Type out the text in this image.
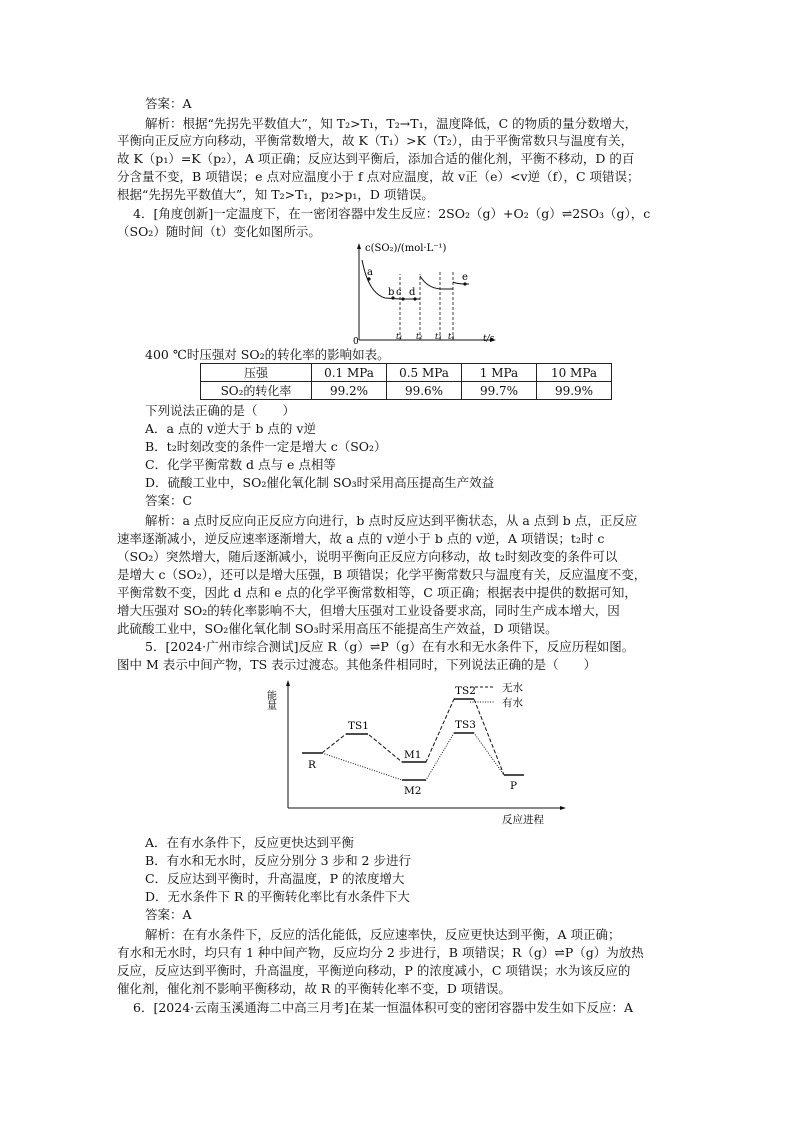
答案：A
解析：根据“先拐先平数值大”，知 T₂>T₁，T₂→T₁，温度降低，C 的物质的量分数增大，
平衡向正反应方向移动，平衡常数增大，故 K（T₁）>K（T₂），由于平衡常数只与温度有关，
故 K（p₁）=K（p₂），A 项正确；反应达到平衡后，添加合适的催化剂，平衡不移动，D 的百
分含量不变，B 项错误；e 点对应温度小于 f 点对应温度，故 v正（e）<v逆（f），C 项错误；
根据“先拐先平数值大”，知 T₂>T₁，p₂>p₁，D 项错误。
4．[角度创新]一定温度下，在一密闭容器中发生反应：2SO₂（g）+O₂（g）⇌2SO₃（g），c
（SO₂）随时间（t）变化如图所示。
c(SO₂)/(mol·L⁻¹)
0	t/s
a
b c d
e
t₁ t₂ t₃ t₄
400 ℃时压强对 SO₂的转化率的影响如表。
压强	0.1 MPa	0.5 MPa	1 MPa	10 MPa
SO₂的转化率	99.2%	99.6%	99.7%	99.9%
下列说法正确的是（　　）
A．a 点的 v逆大于 b 点的 v逆
B．t₂时刻改变的条件一定是增大 c（SO₂）
C．化学平衡常数 d 点与 e 点相等
D．硫酸工业中，SO₂催化氧化制 SO₃时采用高压提高生产效益
答案：C
解析：a 点时反应向正反应方向进行，b 点时反应达到平衡状态，从 a 点到 b 点，正反应
速率逐渐减小，逆反应速率逐渐增大，故 a 点的 v逆小于 b 点的 v逆，A 项错误；t₂时 c
（SO₂）突然增大，随后逐渐减小，说明平衡向正反应方向移动，故 t₂时刻改变的条件可以
是增大 c（SO₂），还可以是增大压强，B 项错误；化学平衡常数只与温度有关，反应温度不变，
平衡常数不变，因此 d 点和 e 点的化学平衡常数相等，C 项正确；根据表中提供的数据可知，
增大压强对 SO₂的转化率影响不大，但增大压强对工业设备要求高，同时生产成本增大，因
此硫酸工业中，SO₂催化氧化制 SO₃时采用高压不能提高生产效益，D 项错误。
5．[2024·广州市综合测试]反应 R（g）⇌P（g）在有水和无水条件下，反应历程如图。
图中 M 表示中间产物，TS 表示过渡态。其他条件相同时，下列说法正确的是（　　）
能量
反应进程
无水
有水
R
TS1
M1
M2
TS2
TS3
P
A．在有水条件下，反应更快达到平衡
B．有水和无水时，反应分别分 3 步和 2 步进行
C．反应达到平衡时，升高温度，P 的浓度增大
D．无水条件下 R 的平衡转化率比有水条件下大
答案：A
解析：在有水条件下，反应的活化能低，反应速率快，反应更快达到平衡，A 项正确；
有水和无水时，均只有 1 种中间产物，反应均分 2 步进行，B 项错误；R（g）⇌P（g）为放热
反应，反应达到平衡时，升高温度，平衡逆向移动，P 的浓度减小，C 项错误；水为该反应的
催化剂，催化剂不影响平衡移动，故 R 的平衡转化率不变，D 项错误。
6．[2024·云南玉溪通海二中高三月考]在某一恒温体积可变的密闭容器中发生如下反应：A
